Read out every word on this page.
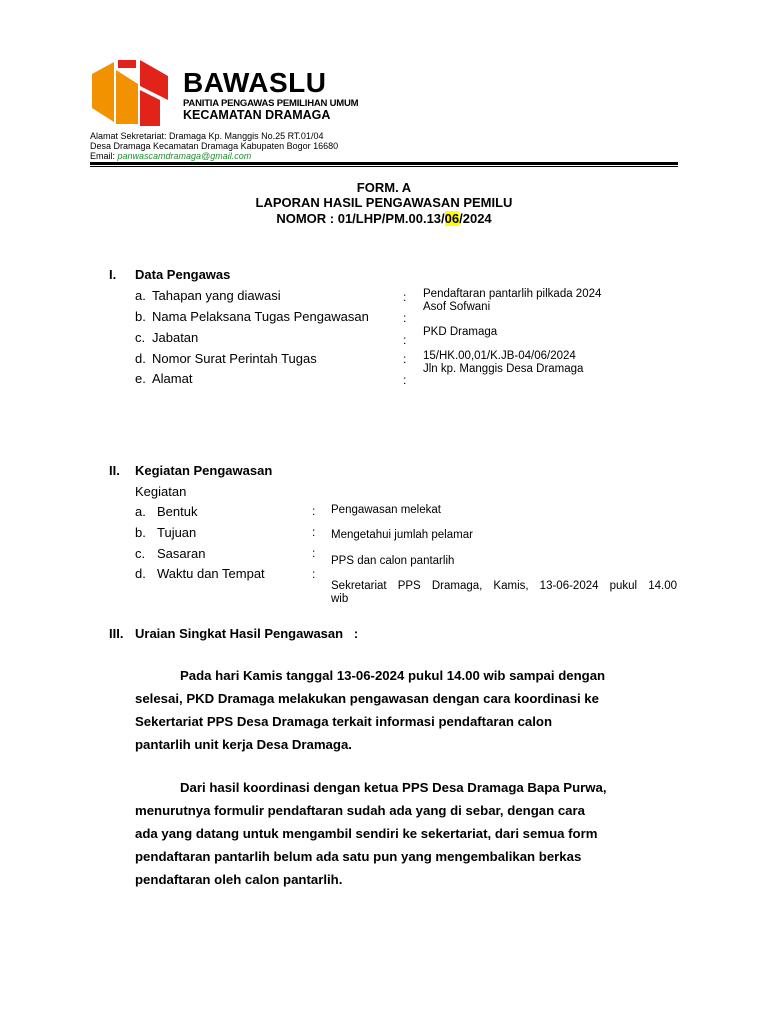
BAWASLU
PANITIA PENGAWAS PEMILIHAN UMUM
KECAMATAN DRAMAGA
Alamat Sekretariat: Dramaga Kp. Manggis No.25 RT.01/04
Desa Dramaga Kecamatan Dramaga Kabupaten Bogor 16680
Email: panwascamdramaga@gmail.com
FORM. A
LAPORAN HASIL PENGAWASAN PEMILU
NOMOR : 01/LHP/PM.00.13/06/2024
I. Data Pengawas
a. Tahapan yang diawasi
b. Nama Pelaksana Tugas Pengawasan
c. Jabatan
d. Nomor Surat Perintah Tugas
e. Alamat
:
:
:
:
:
Pendaftaran pantarlih pilkada 2024
Asof Sofwani
PKD Dramaga
15/HK.00,01/K.JB-04/06/2024
Jln kp. Manggis Desa Dramaga
II. Kegiatan Pengawasan
Kegiatan
a. Bentuk
b. Tujuan
c. Sasaran
d. Waktu dan Tempat
:
:
:
:
Pengawasan melekat
Mengetahui jumlah pelamar
PPS dan calon pantarlih
Sekretariat PPS Dramaga, Kamis, 13-06-2024 pukul 14.00
wib
III. Uraian Singkat Hasil Pengawasan   :
Pada hari Kamis tanggal 13-06-2024 pukul 14.00 wib sampai dengan
selesai, PKD Dramaga melakukan pengawasan dengan cara koordinasi ke
Sekertariat PPS Desa Dramaga terkait informasi pendaftaran calon
pantarlih unit kerja Desa Dramaga.
Dari hasil koordinasi dengan ketua PPS Desa Dramaga Bapa Purwa,
menurutnya formulir pendaftaran sudah ada yang di sebar, dengan cara
ada yang datang untuk mengambil sendiri ke sekertariat, dari semua form
pendaftaran pantarlih belum ada satu pun yang mengembalikan berkas
pendaftaran oleh calon pantarlih.
